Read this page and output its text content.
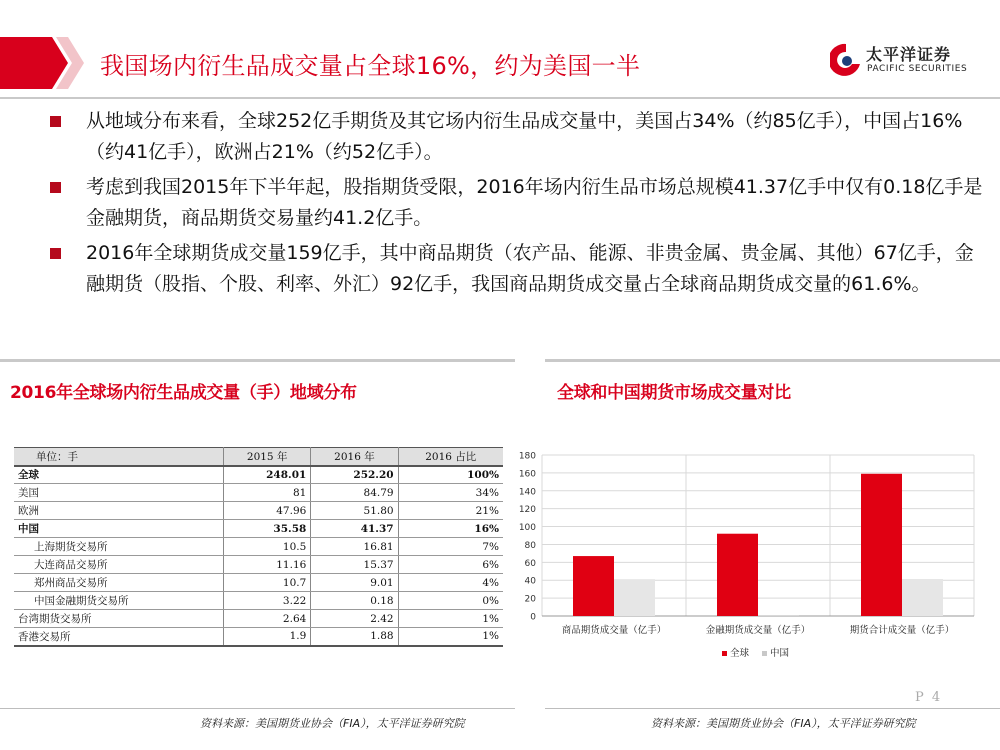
我国场内衍生品成交量占全球16%，约为美国一半	太平洋证券
PACIFIC SECURITIES
从地域分布来看，全球252亿手期货及其它场内衍生品成交量中，美国占34%（约85亿手），中国占16%（约41亿手），欧洲占21%（约52亿手）。
考虑到我国2015年下半年起，股指期货受限，2016年场内衍生品市场总规模41.37亿手中仅有0.18亿手是金融期货，商品期货交易量约41.2亿手。
2016年全球期货成交量159亿手，其中商品期货（农产品、能源、非贵金属、贵金属、其他）67亿手，金融期货（股指、个股、利率、外汇）92亿手，我国商品期货成交量占全球商品期货成交量的61.6%。
2016年全球场内衍生品成交量（手）地域分布
单位：手	2015 年	2016 年	2016 占比
全球	248.01	252.20	100%
美国	81	84.79	34%
欧洲	47.96	51.80	21%
中国	35.58	41.37	16%
上海期货交易所	10.5	16.81	7%
大连商品交易所	11.16	15.37	6%
郑州商品交易所	10.7	9.01	4%
中国金融期货交易所	3.22	0.18	0%
台湾期货交易所	2.64	2.42	1%
香港交易所	1.9	1.88	1%
资料来源：美国期货业协会（FIA），太平洋证券研究院
全球和中国期货市场成交量对比
0
20
40
60
80
100
120
140
160
180
商品期货成交量（亿手）	金融期货成交量（亿手）	期货合计成交量（亿手）
全球 中国
资料来源：美国期货业协会（FIA），太平洋证券研究院
P 4
